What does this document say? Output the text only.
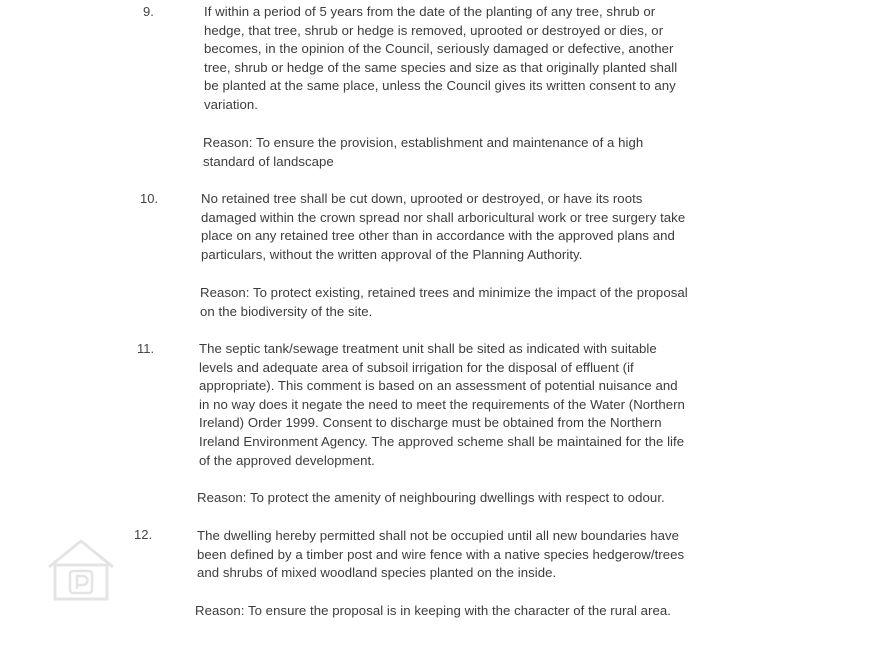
9.	If within a period of 5 years from the date of the planting of any tree, shrub or
hedge, that tree, shrub or hedge is removed, uprooted or destroyed or dies, or
becomes, in the opinion of the Council, seriously damaged or defective, another
tree, shrub or hedge of the same species and size as that originally planted shall
be planted at the same place, unless the Council gives its written consent to any
variation.
Reason: To ensure the provision, establishment and maintenance of a high
standard of landscape
10.	No retained tree shall be cut down, uprooted or destroyed, or have its roots
damaged within the crown spread nor shall arboricultural work or tree surgery take
place on any retained tree other than in accordance with the approved plans and
particulars, without the written approval of the Planning Authority.
Reason: To protect existing, retained trees and minimize the impact of the proposal
on the biodiversity of the site.
11.	The septic tank/sewage treatment unit shall be sited as indicated with suitable
levels and adequate area of subsoil irrigation for the disposal of effluent (if
appropriate). This comment is based on an assessment of potential nuisance and
in no way does it negate the need to meet the requirements of the Water (Northern
Ireland) Order 1999. Consent to discharge must be obtained from the Northern
Ireland Environment Agency. The approved scheme shall be maintained for the life
of the approved development.
Reason: To protect the amenity of neighbouring dwellings with respect to odour.
12.	The dwelling hereby permitted shall not be occupied until all new boundaries have
been defined by a timber post and wire fence with a native species hedgerow/trees
and shrubs of mixed woodland species planted on the inside.
Reason: To ensure the proposal is in keeping with the character of the rural area.
